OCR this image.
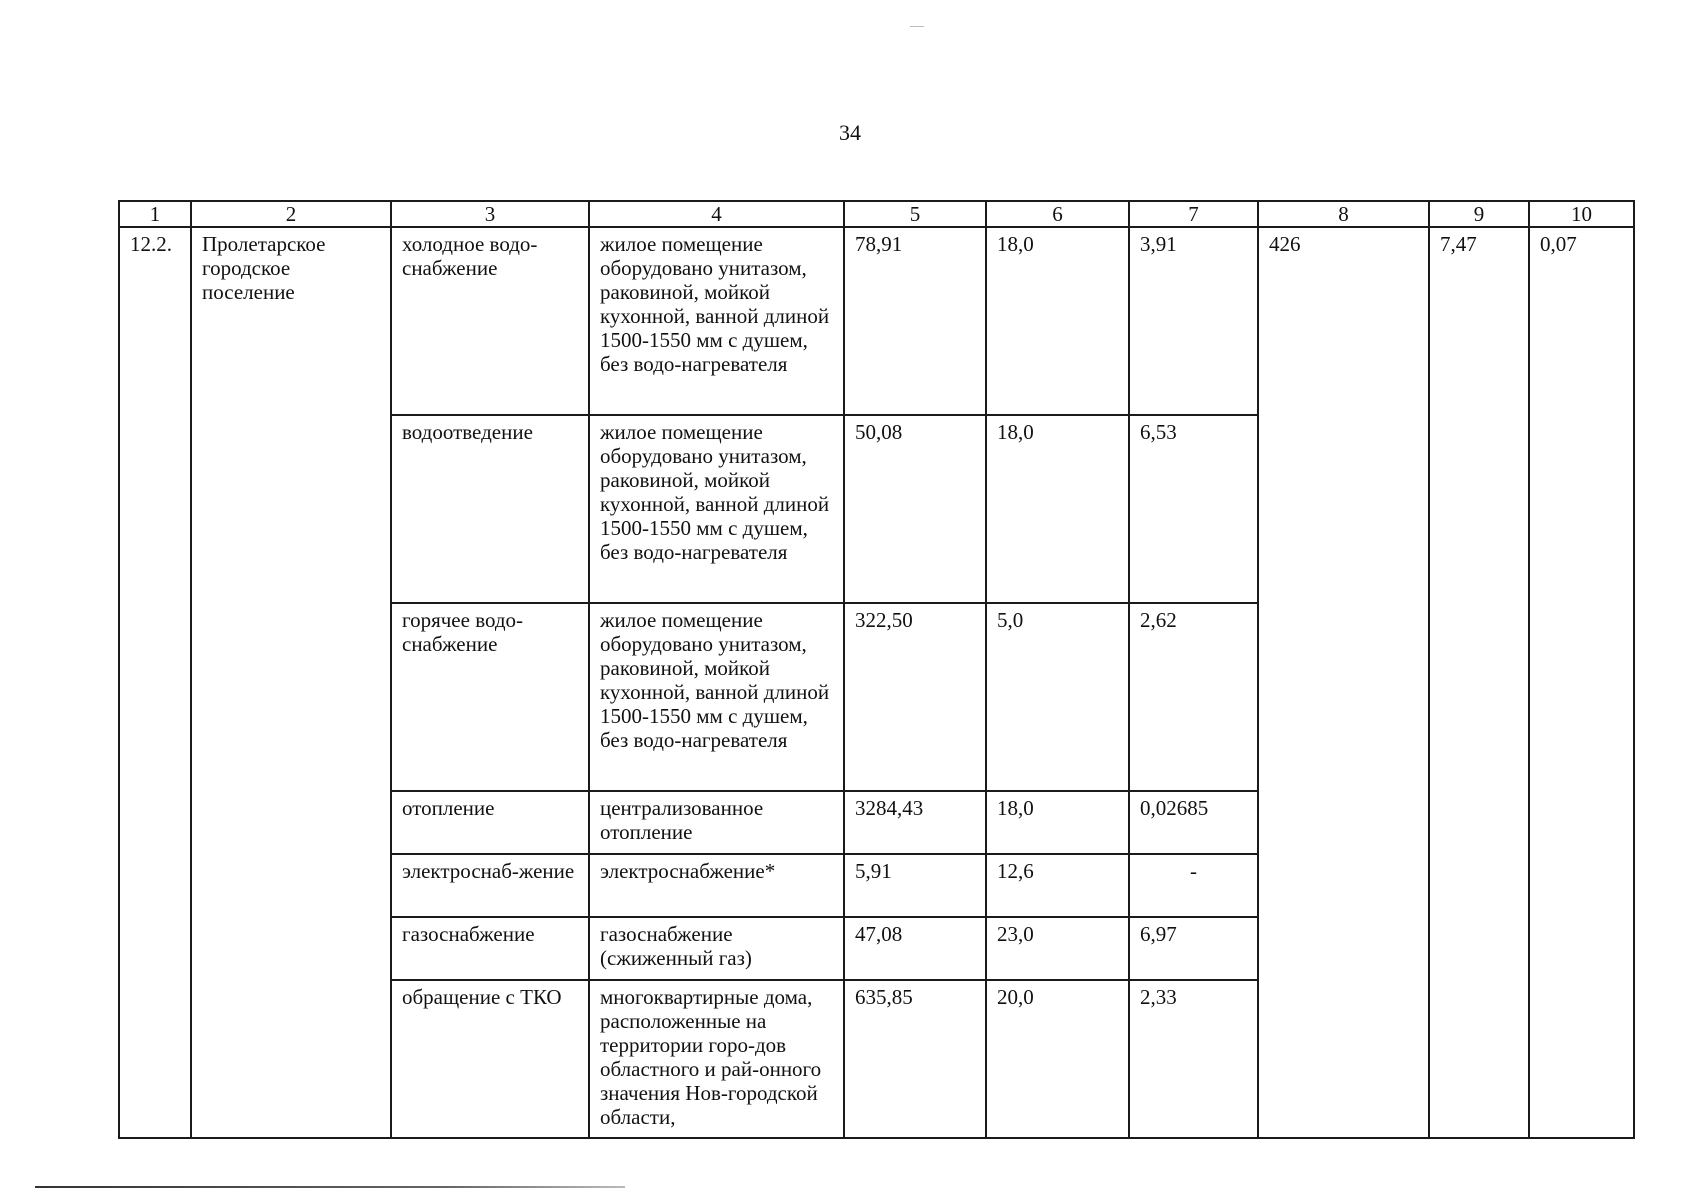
34
1	2	3	4	5	6	7	8	9	10
12.2.	Пролетарское городское поселение	холодное водо-снабжение	жилое помещение оборудовано унитазом, раковиной, мойкой кухонной, ванной длиной 1500-1550 мм с душем, без водо-нагревателя	78,91	18,0	3,91	426	7,47	0,07
		водоотведение	жилое помещение оборудовано унитазом, раковиной, мойкой кухонной, ванной длиной 1500-1550 мм с душем, без водо-нагревателя	50,08	18,0	6,53			
		горячее водо-снабжение	жилое помещение оборудовано унитазом, раковиной, мойкой кухонной, ванной длиной 1500-1550 мм с душем, без водо-нагревателя	322,50	5,0	2,62			
		отопление	централизованное отопление	3284,43	18,0	0,02685			
		электроснаб-жение	электроснабжение*	5,91	12,6	-			
		газоснабжение	газоснабжение (сжиженный газ)	47,08	23,0	6,97			
		обращение с ТКО	многоквартирные дома, расположенные на территории горо-дов областного и рай-онного значения Нов-городской области,	635,85	20,0	2,33			
